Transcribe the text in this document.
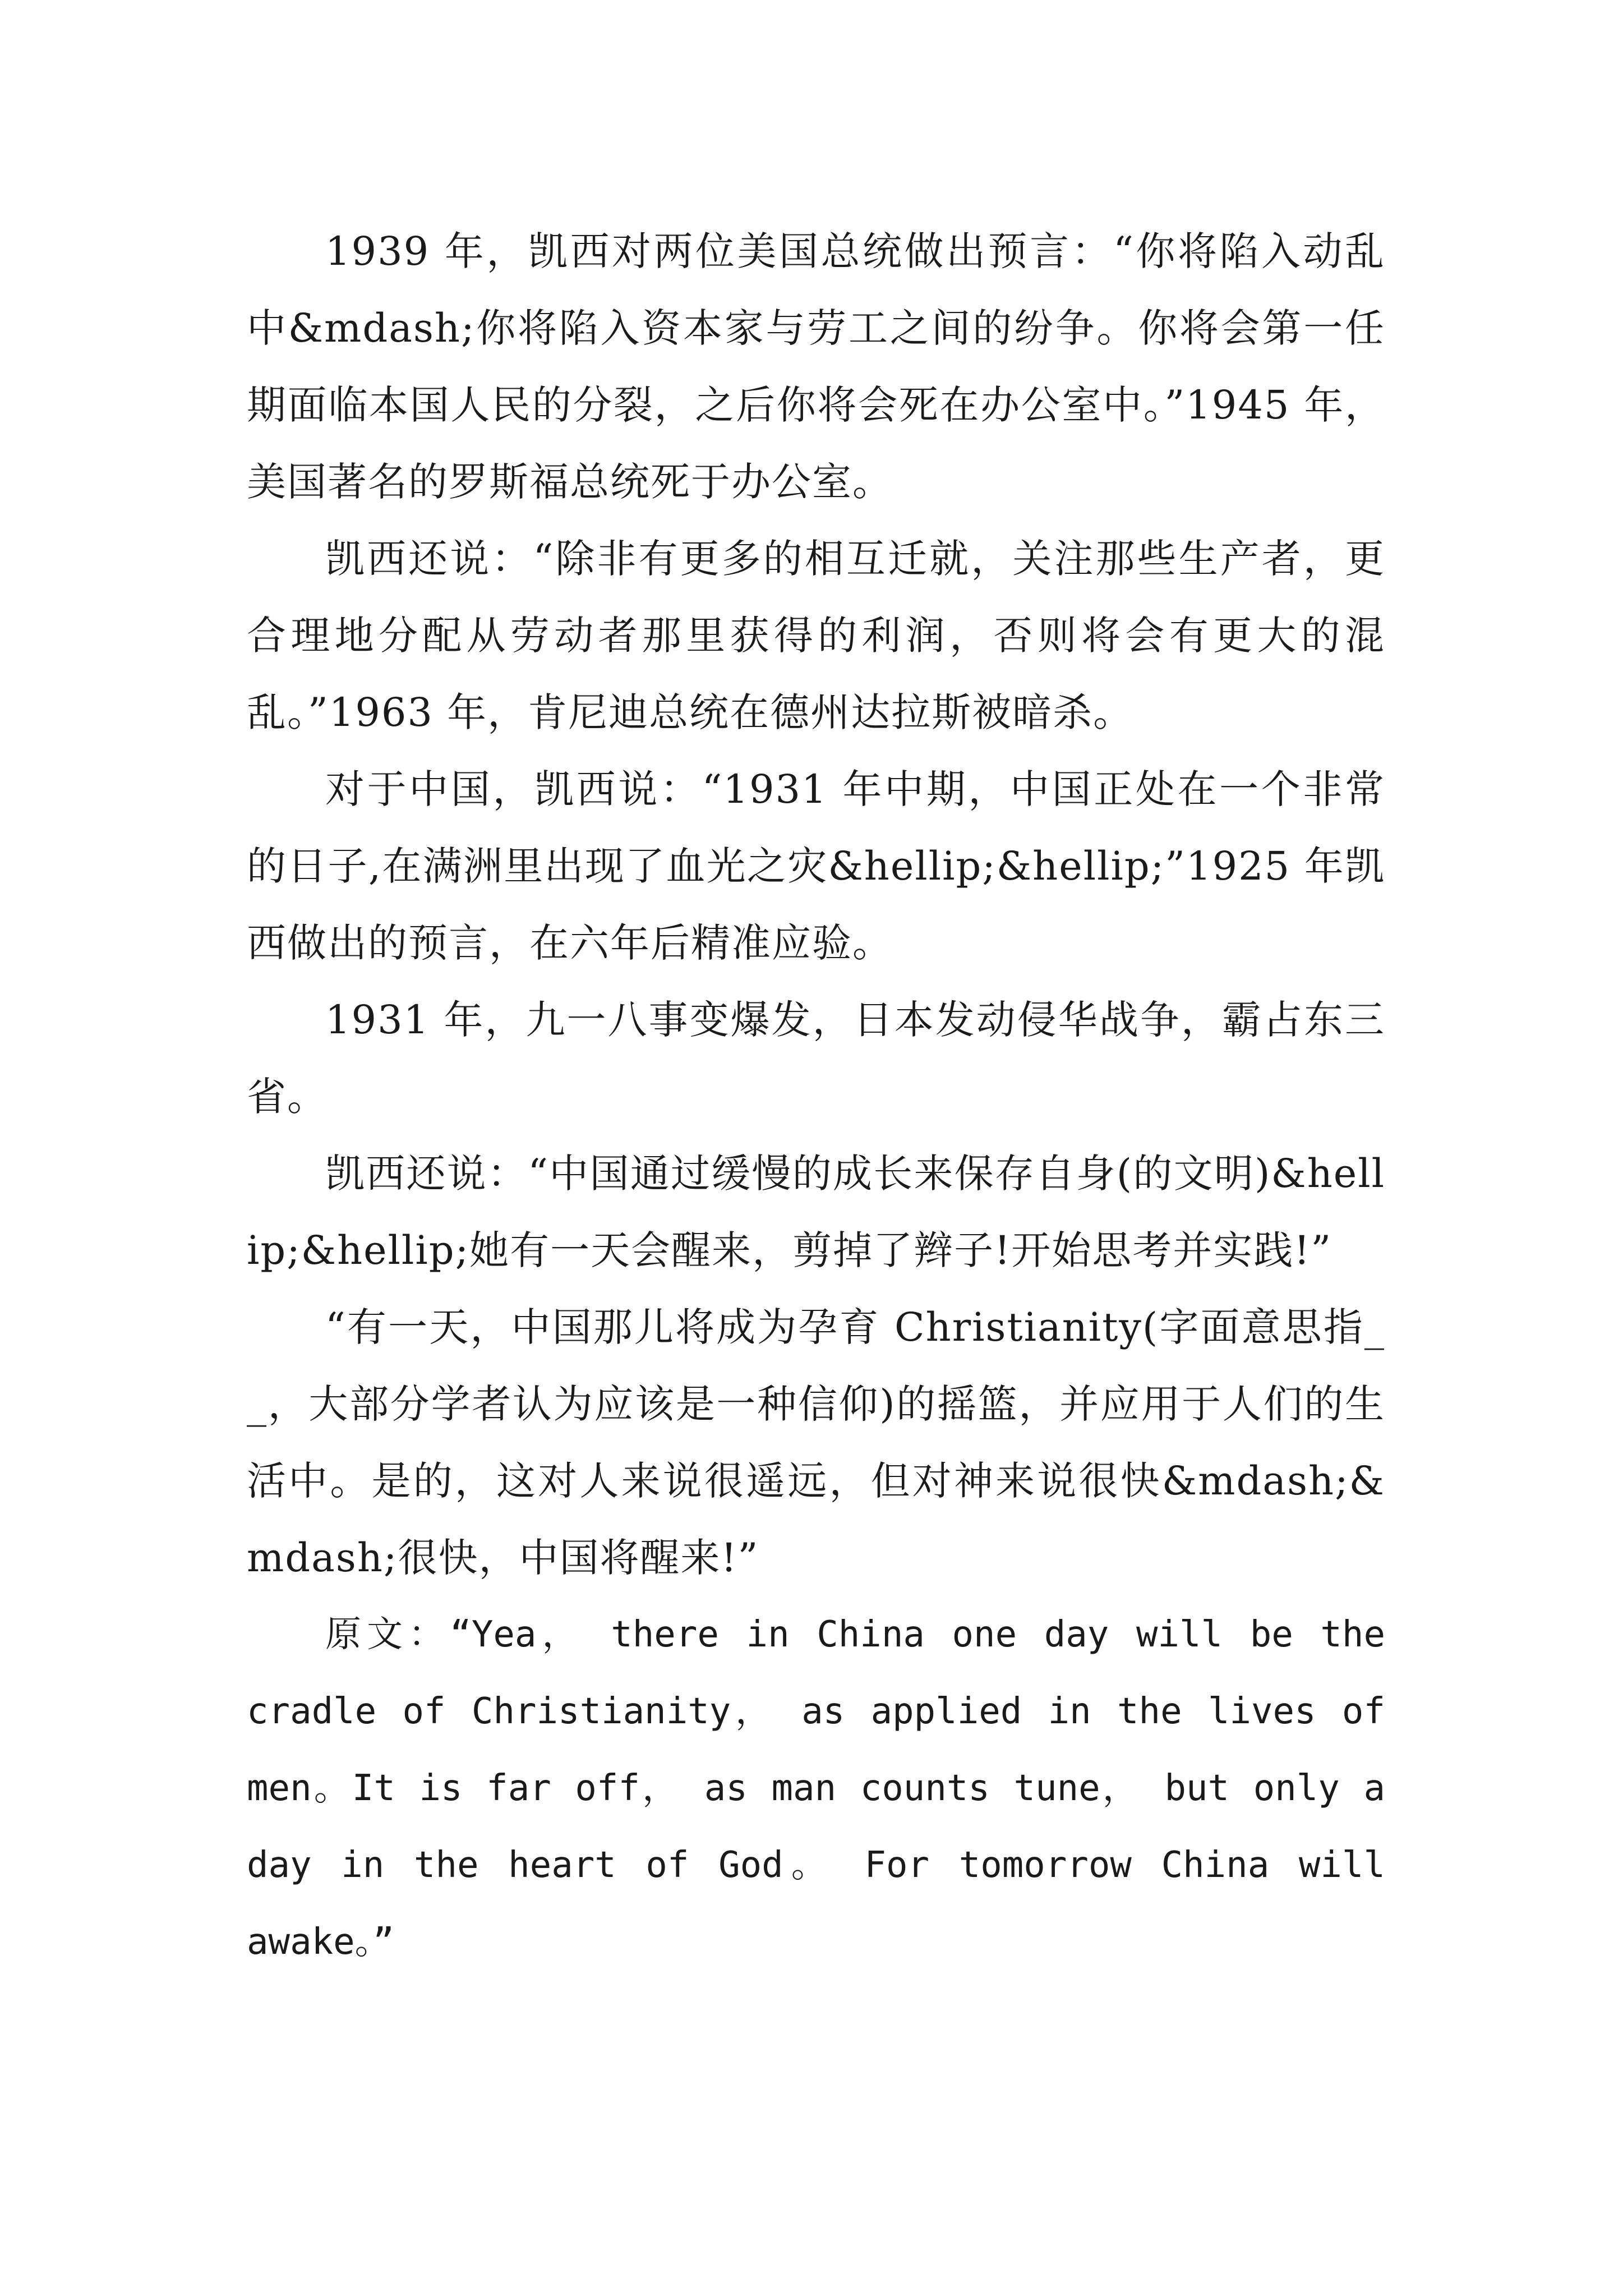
1939 年，凯西对两位美国总统做出预言：“你将陷入动乱中&mdash;你将陷入资本家与劳工之间的纷争。你将会第一任期面临本国人民的分裂，之后你将会死在办公室中。”1945 年，美国著名的罗斯福总统死于办公室。

凯西还说：“除非有更多的相互迁就，关注那些生产者，更合理地分配从劳动者那里获得的利润，否则将会有更大的混乱。”1963 年，肯尼迪总统在德州达拉斯被暗杀。

对于中国，凯西说：“1931 年中期，中国正处在一个非常的日子,在满洲里出现了血光之灾&hellip;&hellip;”1925 年凯西做出的预言，在六年后精准应验。

1931 年，九一八事变爆发，日本发动侵华战争，霸占东三省。

凯西还说：“中国通过缓慢的成长来保存自身(的文明)&hellip;&hellip;她有一天会醒来，剪掉了辫子!开始思考并实践!”

“有一天，中国那儿将成为孕育 Christianity(字面意思指__，大部分学者认为应该是一种信仰)的摇篮，并应用于人们的生活中。是的，这对人来说很遥远，但对神来说很快&mdash;&mdash;很快，中国将醒来!”

原文：“Yea， there in China one day will be the cradle of Christianity， as applied in the lives of men。It is far off， as man counts tune， but only a day in the heart of God。 For tomorrow China will awake。”
